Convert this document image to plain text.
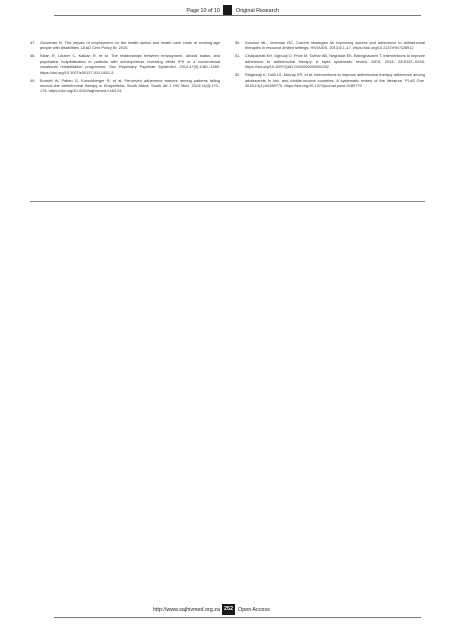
Page 10 of 10	Original Research
47. Goodman N. The impact of employment on the health status and health care costs of working-age people with disabilities. LEAD Cent Policy Br. 2015.
48. Kilian R, Lauber C, Kalkan R, et al. The relationships between employment, clinical status, and psychiatric hospitalisation in patients with schizophrenia receiving either IPS or a conventional vocational rehabilitation programme. Soc Psychiatry Psychiatr Epidemiol. 2012;47(9):1381–1389. https://doi.org/10.1007/s00127-011-0451-5
49. Burnett W, Patten G, Kurschberger R, et al. Perceived adherence barriers among patients failing second-line antiretroviral therapy in Khayelitsha, South Africa. South Afr J HIV Med. 2013;14(4):170–176. https://doi.org/10.4102/sajhivmed.v14i4.51
50. Scanlon ML, Vreeman RC. Current strategies for improving access and adherence to antiretroviral therapies in resource-limited settings. HIV/AIDS. 2013;5:1–17. https://doi.org/10.2147/HIV.S28912
51. Chaiyachati KH, Ogbuoji O, Price M, Suthar AB, Negussie EK, Bärnighausen T. Interventions to improve adherence to antiretroviral therapy: A rapid systematic review. AIDS. 2014; 28:S187–S204. https://doi.org/10.1097/QAD.0000000000000252
52. Ridgeway K, Dulli LS, Murray KR, et al. Interventions to improve antiretroviral therapy adherence among adolescents in low- and middle-income countries: A systematic review of the literature. PLoS One. 2018;13(1):e0189770. https://doi.org/10.1371/journal.pone.0189770
http://www.sajhivmed.org.za 252 Open Access
